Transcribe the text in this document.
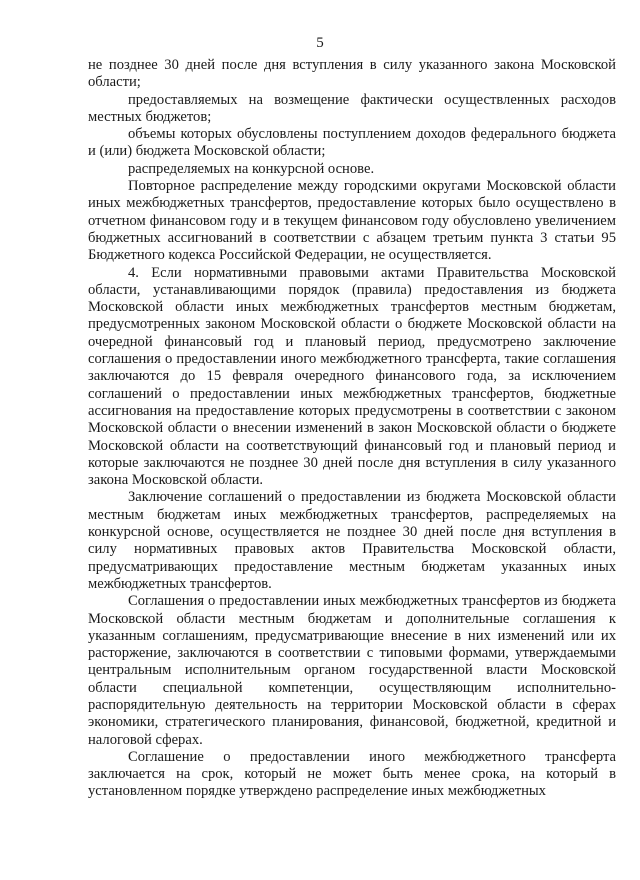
5

не позднее 30 дней после дня вступления в силу указанного закона Московской области;

предоставляемых на возмещение фактически осуществленных расходов местных бюджетов;

объемы которых обусловлены поступлением доходов федерального бюджета и (или) бюджета Московской области;

распределяемых на конкурсной основе.

Повторное распределение между городскими округами Московской области иных межбюджетных трансфертов, предоставление которых было осуществлено в отчетном финансовом году и в текущем финансовом году обусловлено увеличением бюджетных ассигнований в соответствии с абзацем третьим пункта 3 статьи 95 Бюджетного кодекса Российской Федерации, не осуществляется.

4. Если нормативными правовыми актами Правительства Московской области, устанавливающими порядок (правила) предоставления из бюджета Московской области иных межбюджетных трансфертов местным бюджетам, предусмотренных законом Московской области о бюджете Московской области на очередной финансовый год и плановый период, предусмотрено заключение соглашения о предоставлении иного межбюджетного трансферта, такие соглашения заключаются до 15 февраля очередного финансового года, за исключением соглашений о предоставлении иных межбюджетных трансфертов, бюджетные ассигнования на предоставление которых предусмотрены в соответствии с законом Московской области о внесении изменений в закон Московской области о бюджете Московской области на соответствующий финансовый год и плановый период и которые заключаются не позднее 30 дней после дня вступления в силу указанного закона Московской области.

Заключение соглашений о предоставлении из бюджета Московской области местным бюджетам иных межбюджетных трансфертов, распределяемых на конкурсной основе, осуществляется не позднее 30 дней после дня вступления в силу нормативных правовых актов Правительства Московской области, предусматривающих предоставление местным бюджетам указанных иных межбюджетных трансфертов.

Соглашения о предоставлении иных межбюджетных трансфертов из бюджета Московской области местным бюджетам и дополнительные соглашения к указанным соглашениям, предусматривающие внесение в них изменений или их расторжение, заключаются в соответствии с типовыми формами, утверждаемыми центральным исполнительным органом государственной власти Московской области специальной компетенции, осуществляющим исполнительно-распорядительную деятельность на территории Московской области в сферах экономики, стратегического планирования, финансовой, бюджетной, кредитной и налоговой сферах.

Соглашение о предоставлении иного межбюджетного трансферта заключается на срок, который не может быть менее срока, на который в установленном порядке утверждено распределение иных межбюджетных
